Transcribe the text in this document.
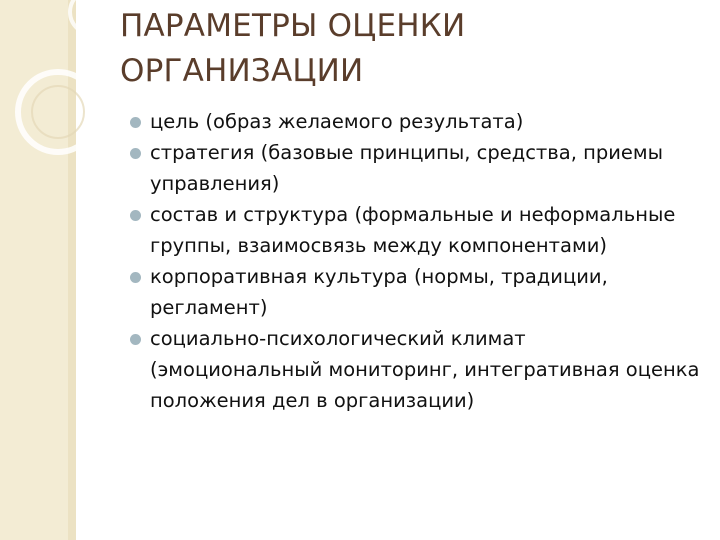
ПАРАМЕТРЫ ОЦЕНКИ
ОРГАНИЗАЦИИ
цель (образ желаемого результата)
стратегия (базовые принципы, средства, приемы управления)
состав и структура (формальные и неформальные группы, взаимосвязь между компонентами)
корпоративная культура (нормы, традиции, регламент)
социально-психологический климат (эмоциональный мониторинг, интегративная оценка положения дел в организации)
